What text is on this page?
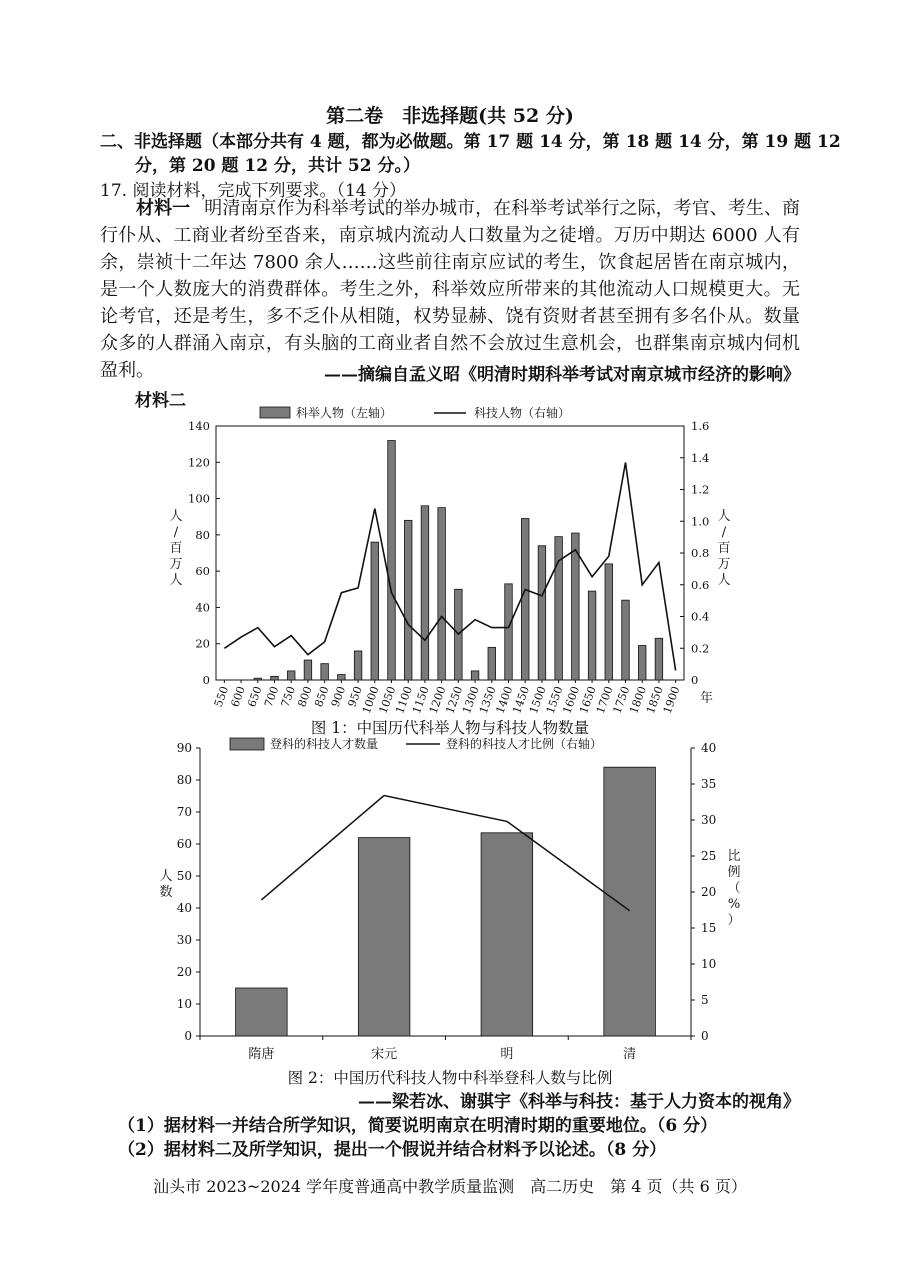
第二卷　非选择题(共 52 分)
二、非选择题（本部分共有 4 题，都为必做题。第 17 题 14 分，第 18 题 14 分，第 19 题 12
分，第 20 题 12 分，共计 52 分。）
17. 阅读材料，完成下列要求。（14 分）
材料一 明清南京作为科举考试的举办城市，在科举考试举行之际，考官、考生、商行仆从、工商业者纷至沓来，南京城内流动人口数量为之徒增。万历中期达 6000 人有余，崇祯十二年达 7800 余人……这些前往南京应试的考生，饮食起居皆在南京城内，是一个人数庞大的消费群体。考生之外，科举效应所带来的其他流动人口规模更大。无论考官，还是考生，多不乏仆从相随，权势显赫、饶有资财者甚至拥有多名仆从。数量众多的人群涌入南京，有头脑的工商业者自然不会放过生意机会，也群集南京城内伺机盈利。	——摘编自孟义昭《明清时期科举考试对南京城市经济的影响》
材料二
0
20
40
60
80
100
120
140
0
0.2
0.4
0.6
0.8
1.0
1.2
1.4
1.6
550
600
650
700
750
800
850
900
950
1000
1050
1100
1150
1200
1250
1300
1350
1400
1450
1500
1550
1600
1650
1700
1750
1800
1850
1900 年
人
/
百
万
人
人
/
百
万
人
科举人物（左轴）	科技人物（右轴）
图 1：中国历代科举人物与科技人物数量
0
10
20
30
40
50
60
70
80
90
0
5
10
15
20
25
30
35
40
隋唐	宋元	明	清
人
数
比
例
（
%
）
登科的科技人才数量	登科的科技人才比例（右轴）
图 2：中国历代科技人物中科举登科人数与比例
——梁若冰、谢骐宇《科举与科技：基于人力资本的视角》
（1）据材料一并结合所学知识，简要说明南京在明清时期的重要地位。（6 分）
（2）据材料二及所学知识，提出一个假说并结合材料予以论述。（8 分）
汕头市 2023~2024 学年度普通高中教学质量监测　高二历史　第 4 页（共 6 页）
